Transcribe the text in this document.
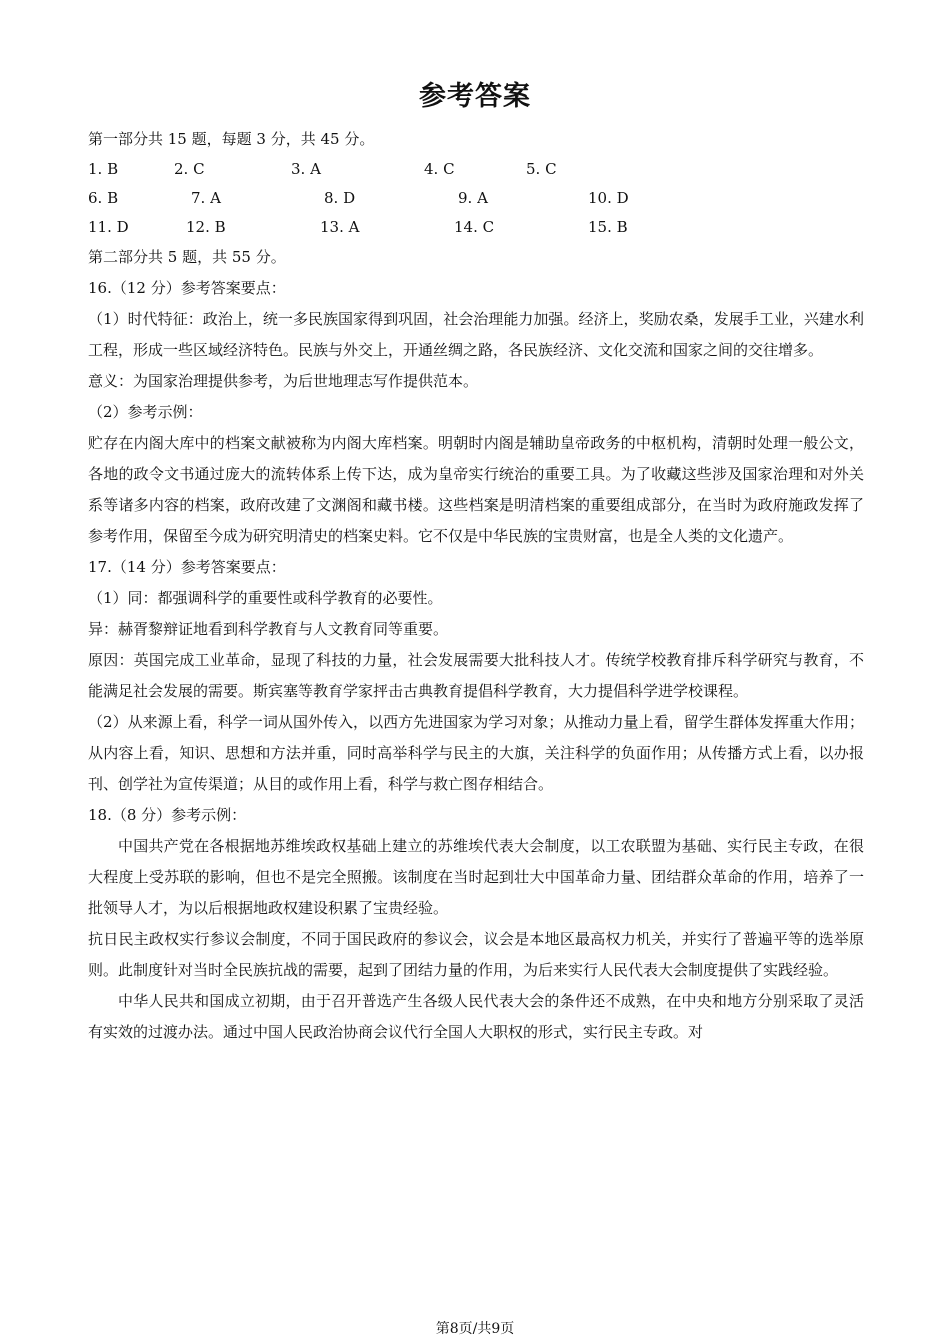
参考答案
第一部分共 15 题，每题 3 分，共 45 分。
1. B	2. C	3. A	4. C	5. C
6. B	7. A	8. D	9. A	10. D
11. D	12. B	13. A	14. C	15. B
第二部分共 5 题，共 55 分。
16.（12 分）参考答案要点：
（1）时代特征：政治上，统一多民族国家得到巩固，社会治理能力加强。经济上，奖励农桑，发展手工业，兴建水利工程，形成一些区域经济特色。民族与外交上，开通丝绸之路，各民族经济、文化交流和国家之间的交往增多。
意义：为国家治理提供参考，为后世地理志写作提供范本。
（2）参考示例：
贮存在内阁大库中的档案文献被称为内阁大库档案。明朝时内阁是辅助皇帝政务的中枢机构，清朝时处理一般公文，各地的政令文书通过庞大的流转体系上传下达，成为皇帝实行统治的重要工具。为了收藏这些涉及国家治理和对外关系等诸多内容的档案，政府改建了文渊阁和藏书楼。这些档案是明清档案的重要组成部分，在当时为政府施政发挥了参考作用，保留至今成为研究明清史的档案史料。它不仅是中华民族的宝贵财富，也是全人类的文化遗产。
17.（14 分）参考答案要点：
（1）同：都强调科学的重要性或科学教育的必要性。
异：赫胥黎辩证地看到科学教育与人文教育同等重要。
原因：英国完成工业革命，显现了科技的力量，社会发展需要大批科技人才。传统学校教育排斥科学研究与教育，不能满足社会发展的需要。斯宾塞等教育学家抨击古典教育提倡科学教育，大力提倡科学进学校课程。
（2）从来源上看，科学一词从国外传入，以西方先进国家为学习对象；从推动力量上看，留学生群体发挥重大作用；从内容上看，知识、思想和方法并重，同时高举科学与民主的大旗，关注科学的负面作用；从传播方式上看，以办报刊、创学社为宣传渠道；从目的或作用上看，科学与救亡图存相结合。
18.（8 分）参考示例：
中国共产党在各根据地苏维埃政权基础上建立的苏维埃代表大会制度，以工农联盟为基础、实行民主专政，在很大程度上受苏联的影响，但也不是完全照搬。该制度在当时起到壮大中国革命力量、团结群众革命的作用，培养了一批领导人才，为以后根据地政权建设积累了宝贵经验。
抗日民主政权实行参议会制度，不同于国民政府的参议会，议会是本地区最高权力机关，并实行了普遍平等的选举原则。此制度针对当时全民族抗战的需要，起到了团结力量的作用，为后来实行人民代表大会制度提供了实践经验。
中华人民共和国成立初期，由于召开普选产生各级人民代表大会的条件还不成熟，在中央和地方分别采取了灵活有实效的过渡办法。通过中国人民政治协商会议代行全国人大职权的形式，实行民主专政。对
第8页/共9页
